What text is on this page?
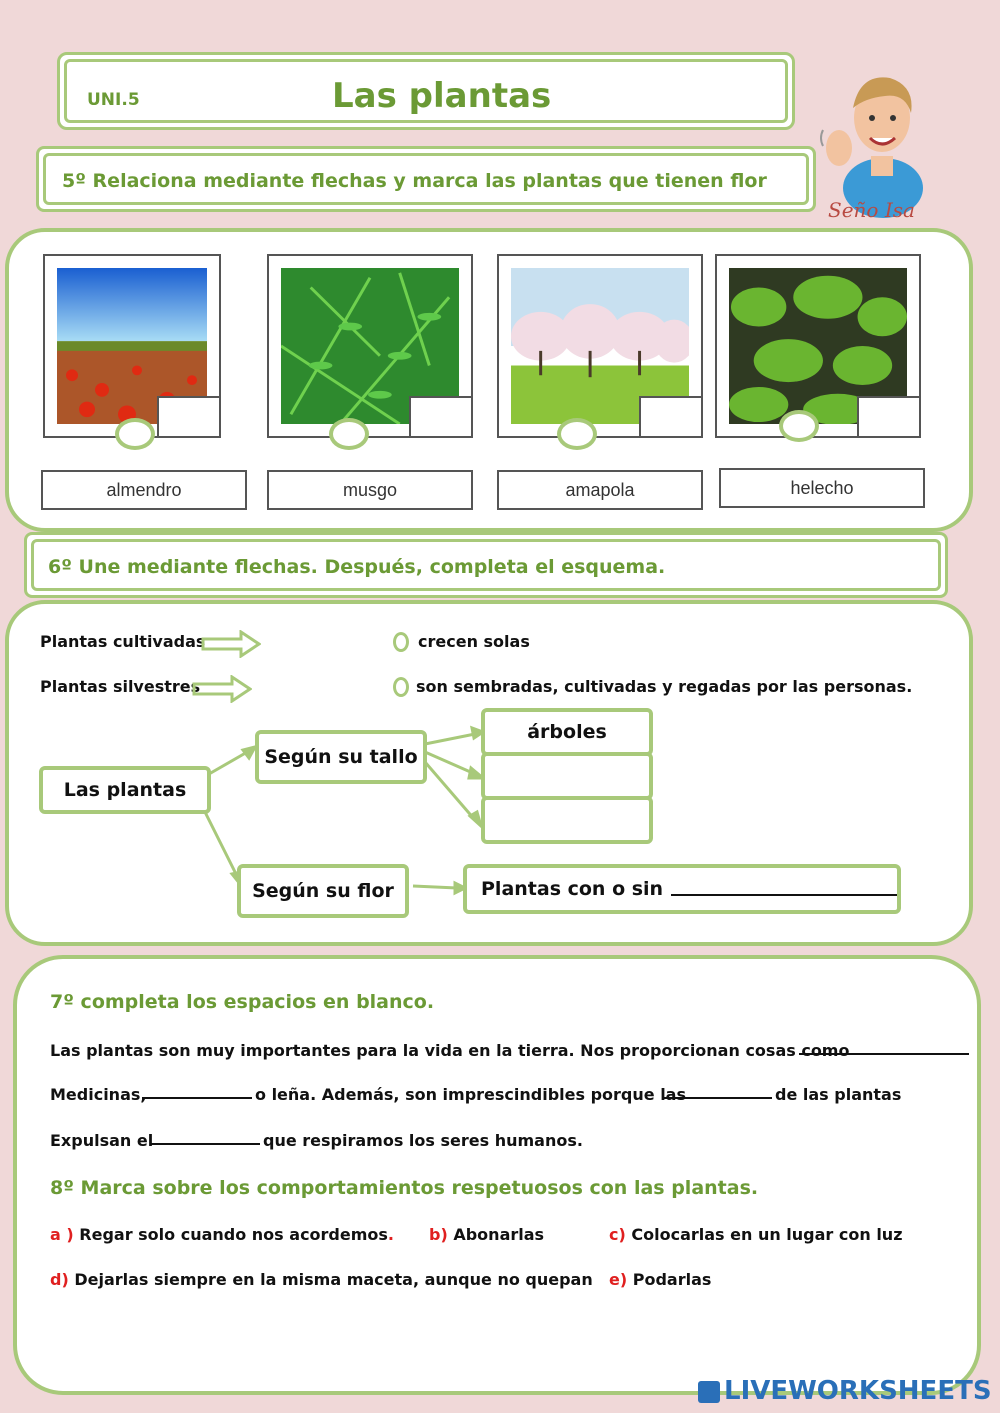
UNI.5	Las plantas
5º Relaciona mediante flechas y marca las plantas que tienen flor
Seño Isa
almendro	musgo	amapola	helecho
6º Une mediante flechas. Después, completa el esquema.
Plantas cultivadas
Plantas silvestres
crecen solas
son sembradas, cultivadas y regadas por las personas.
Las plantas
Según su tallo
árboles
Según su flor	Plantas con o sin
7º completa los espacios en blanco.
Las plantas son muy importantes para la vida en la tierra. Nos proporcionan cosas como
Medicinas,	o leña. Además, son imprescindibles porque las	de las plantas
Expulsan el	que respiramos los seres humanos.
8º Marca sobre los comportamientos respetuosos con las plantas.
a ) Regar solo cuando nos acordemos. b) Abonarlas	c) Colocarlas en un lugar con luz
d) Dejarlas siempre en la misma maceta, aunque no quepan e) Podarlas
LIVEWORKSHEETS
